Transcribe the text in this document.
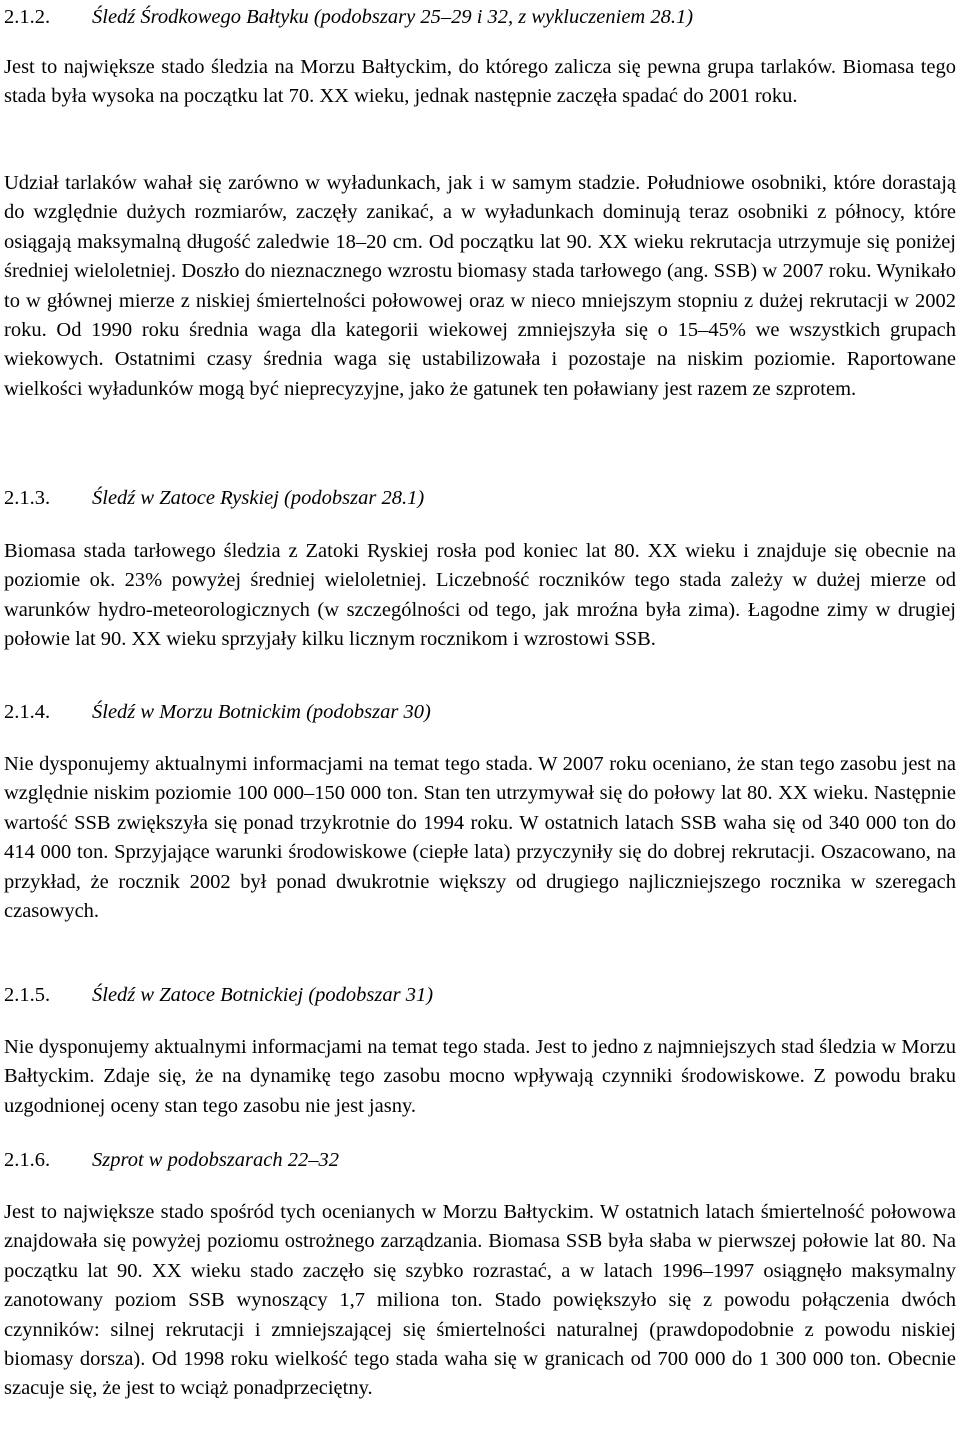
2.1.2. Śledź Środkowego Bałtyku (podobszary 25–29 i 32, z wykluczeniem 28.1)

Jest to największe stado śledzia na Morzu Bałtyckim, do którego zalicza się pewna grupa tarlaków. Biomasa tego stada była wysoka na początku lat 70. XX wieku, jednak następnie zaczęła spadać do 2001 roku.

Udział tarlaków wahał się zarówno w wyładunkach, jak i w samym stadzie. Południowe osobniki, które dorastają do względnie dużych rozmiarów, zaczęły zanikać, a w wyładunkach dominują teraz osobniki z północy, które osiągają maksymalną długość zaledwie 18–20 cm. Od początku lat 90. XX wieku rekrutacja utrzymuje się poniżej średniej wieloletniej. Doszło do nieznacznego wzrostu biomasy stada tarłowego (ang. SSB) w 2007 roku. Wynikało to w głównej mierze z niskiej śmiertelności połowowej oraz w nieco mniejszym stopniu z dużej rekrutacji w 2002 roku. Od 1990 roku średnia waga dla kategorii wiekowej zmniejszyła się o 15–45% we wszystkich grupach wiekowych. Ostatnimi czasy średnia waga się ustabilizowała i pozostaje na niskim poziomie. Raportowane wielkości wyładunków mogą być nieprecyzyjne, jako że gatunek ten poławiany jest razem ze szprotem.

2.1.3. Śledź w Zatoce Ryskiej (podobszar 28.1)

Biomasa stada tarłowego śledzia z Zatoki Ryskiej rosła pod koniec lat 80. XX wieku i znajduje się obecnie na poziomie ok. 23% powyżej średniej wieloletniej. Liczebność roczników tego stada zależy w dużej mierze od warunków hydro-meteorologicznych (w szczególności od tego, jak mroźna była zima). Łagodne zimy w drugiej połowie lat 90. XX wieku sprzyjały kilku licznym rocznikom i wzrostowi SSB.

2.1.4. Śledź w Morzu Botnickim (podobszar 30)

Nie dysponujemy aktualnymi informacjami na temat tego stada. W 2007 roku oceniano, że stan tego zasobu jest na względnie niskim poziomie 100 000–150 000 ton. Stan ten utrzymywał się do połowy lat 80. XX wieku. Następnie wartość SSB zwiększyła się ponad trzykrotnie do 1994 roku. W ostatnich latach SSB waha się od 340 000 ton do 414 000 ton. Sprzyjające warunki środowiskowe (ciepłe lata) przyczyniły się do dobrej rekrutacji. Oszacowano, na przykład, że rocznik 2002 był ponad dwukrotnie większy od drugiego najliczniejszego rocznika w szeregach czasowych.

2.1.5. Śledź w Zatoce Botnickiej (podobszar 31)

Nie dysponujemy aktualnymi informacjami na temat tego stada. Jest to jedno z najmniejszych stad śledzia w Morzu Bałtyckim. Zdaje się, że na dynamikę tego zasobu mocno wpływają czynniki środowiskowe. Z powodu braku uzgodnionej oceny stan tego zasobu nie jest jasny.

2.1.6. Szprot w podobszarach 22–32

Jest to największe stado spośród tych ocenianych w Morzu Bałtyckim. W ostatnich latach śmiertelność połowowa znajdowała się powyżej poziomu ostrożnego zarządzania. Biomasa SSB była słaba w pierwszej połowie lat 80. Na początku lat 90. XX wieku stado zaczęło się szybko rozrastać, a w latach 1996–1997 osiągnęło maksymalny zanotowany poziom SSB wynoszący 1,7 miliona ton. Stado powiększyło się z powodu połączenia dwóch czynników: silnej rekrutacji i zmniejszającej się śmiertelności naturalnej (prawdopodobnie z powodu niskiej biomasy dorsza). Od 1998 roku wielkość tego stada waha się w granicach od 700 000 do 1 300 000 ton. Obecnie szacuje się, że jest to wciąż ponadprzeciętny.
